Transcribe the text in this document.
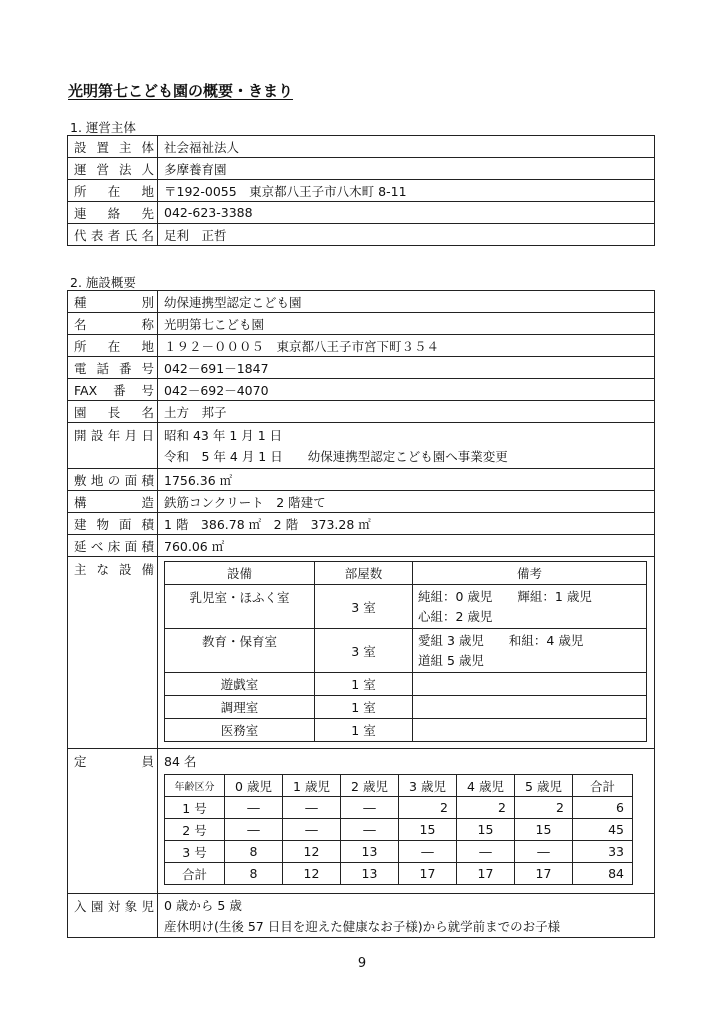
光明第七こども園の概要・きまり
1. 運営主体
設置主体	社会福祉法人
運営法人	多摩養育園
所在地	〒192-0055　東京都八王子市八木町 8-11
連絡先	042-623-3388
代表者氏名	足利　正哲
2. 施設概要
種別	幼保連携型認定こども園
名称	光明第七こども園
所在地	１９２－０００５　東京都八王子市宮下町３５４
電話番号	042－691－1847
FAX番号	042－692－4070
園長名	土方　邦子
開設年月日	昭和 43 年 1 月 1 日
令和　5 年 4 月 1 日　　幼保連携型認定こども園へ事業変更

敷地の面積	1756.36 ㎡
構造	鉄筋コンクリート　2 階建て
建物面積	1 階　386.78 ㎡　2 階　373.28 ㎡
延べ床面積	760.06 ㎡
主な設備		設備	部屋数	備考
乳児室・ほふく室	3 室	
純組：0 歳児　　輝組：1 歳児
心組：2 歳児

教育・保育室	3 室	
愛組 3 歳児　　和組：4 歳児
道組 5 歳児

遊戯室	1 室	
調理室	1 室	
医務室	1 室	

定員	84 名
年齢区分	0 歳児	1 歳児	2 歳児	3 歳児	4 歳児	5 歳児	合計
1 号	―	―	―	2	2	2	6
2 号	―	―	―	15	15	15	45
3 号	8	12	13	―	―	―	33
合計	8	12	13	17	17	17	84

入園対象児	0 歳から 5 歳
産休明け(生後 57 日目を迎えた健康なお子様)から就学前までのお子様
9
